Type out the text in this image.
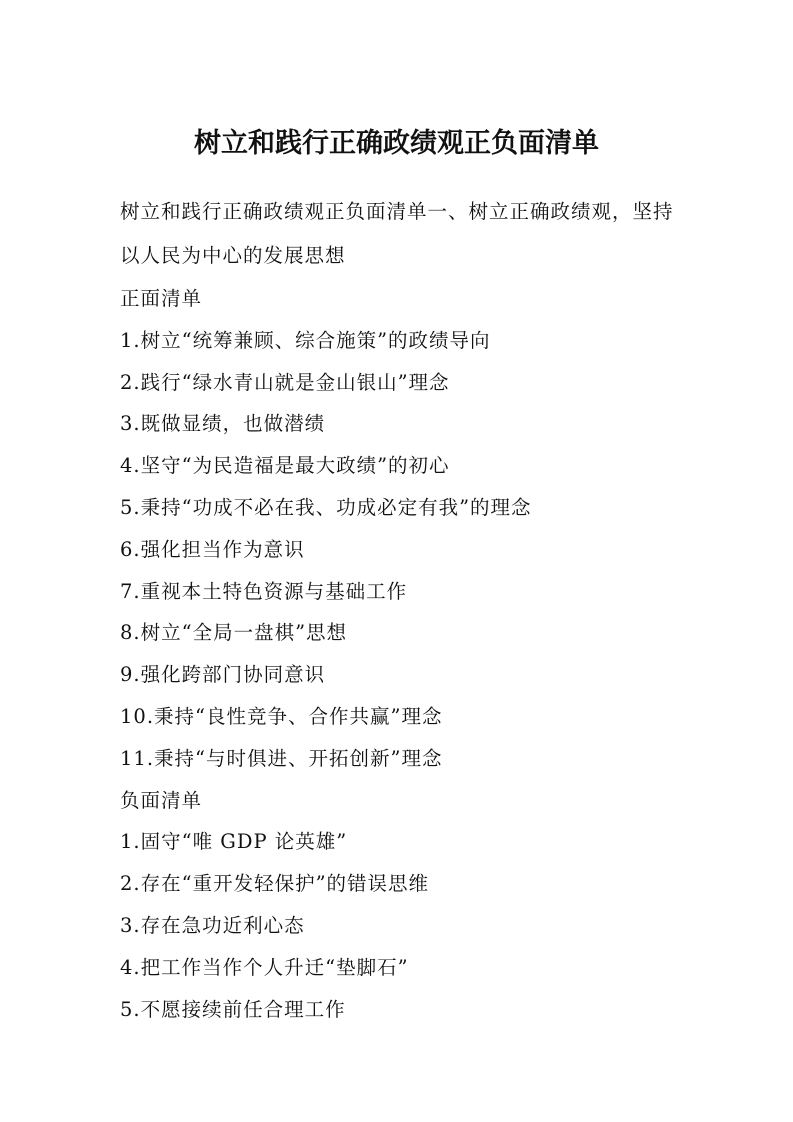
树立和践行正确政绩观正负面清单

树立和践行正确政绩观正负面清单一、树立正确政绩观，坚持以人民为中心的发展思想

正面清单

1.树立“统筹兼顾、综合施策”的政绩导向

2.践行“绿水青山就是金山银山”理念

3.既做显绩，也做潜绩

4.坚守“为民造福是最大政绩”的初心

5.秉持“功成不必在我、功成必定有我”的理念

6.强化担当作为意识

7.重视本土特色资源与基础工作

8.树立“全局一盘棋”思想

9.强化跨部门协同意识

10.秉持“良性竞争、合作共赢”理念

11.秉持“与时俱进、开拓创新”理念

负面清单

1.固守“唯 GDP 论英雄”

2.存在“重开发轻保护”的错误思维

3.存在急功近利心态

4.把工作当作个人升迁“垫脚石”

5.不愿接续前任合理工作
